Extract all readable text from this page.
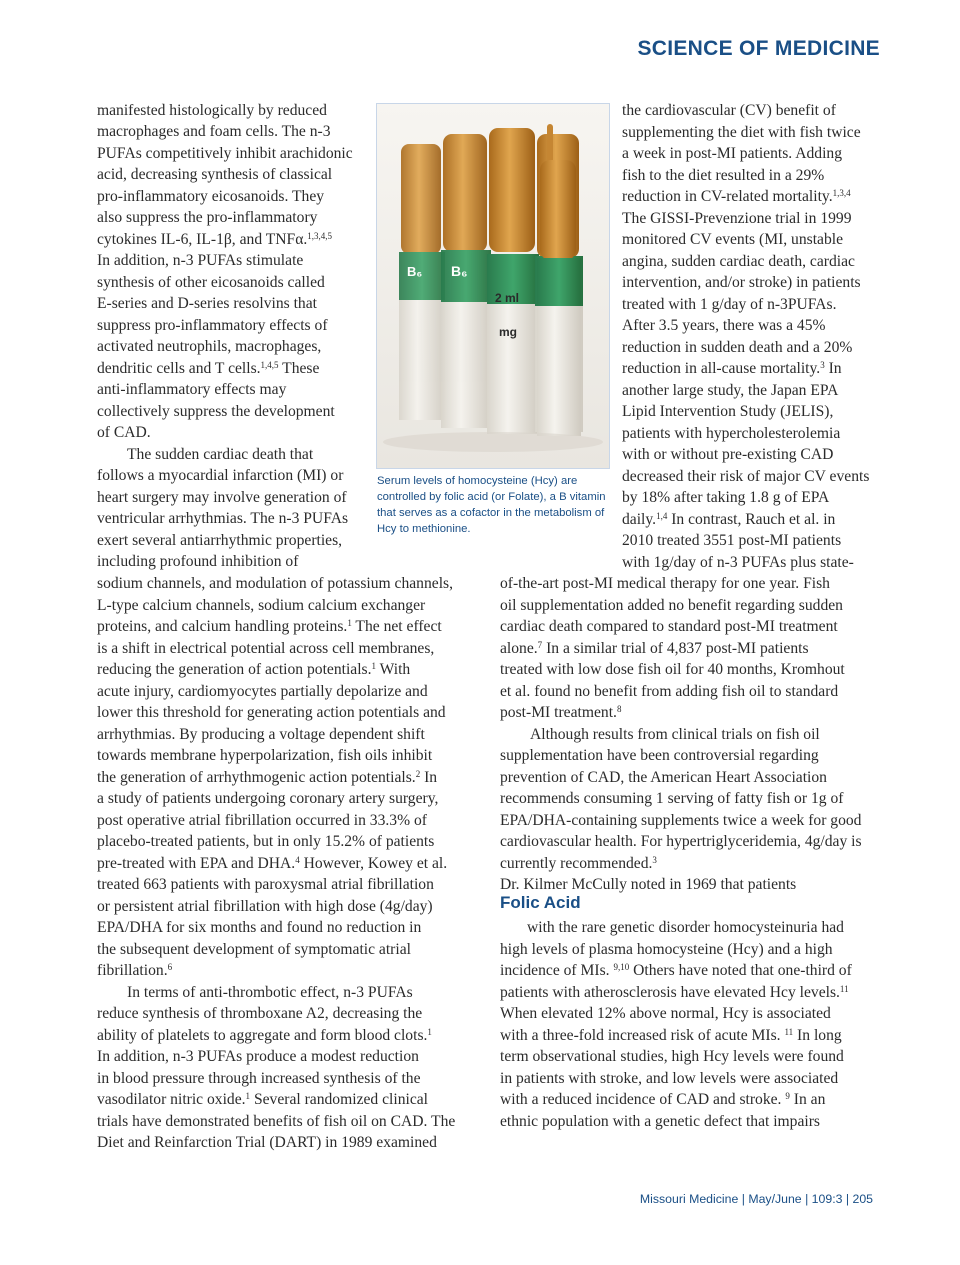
SCIENCE OF MEDICINE
B₆ B₆
2 ml
mg
Serum levels of homocysteine (Hcy) are controlled by folic acid (or Folate), a B vitamin that serves as a cofactor in the metabolism of Hcy to methionine.
Folic Acid
manifested histologically by reduced
macrophages and foam cells. The n-3
PUFAs competitively inhibit arachidonic
acid, decreasing synthesis of classical
pro-inflammatory eicosanoids. They
also suppress the pro-inflammatory
cytokines IL-6, IL-1β, and TNFα.$^{1,3,4,5}$
In addition, n-3 PUFAs stimulate
synthesis of other eicosanoids called
E-series and D-series resolvins that
suppress pro-inflammatory effects of
activated neutrophils, macrophages,
dendritic cells and T cells.$^{1,4,5}$ These
anti-inflammatory effects may
collectively suppress the development
of CAD.
The sudden cardiac death that
follows a myocardial infarction (MI) or
heart surgery may involve generation of
ventricular arrhythmias. The n-3 PUFAs
exert several antiarrhythmic properties,
including profound inhibition of
sodium channels, and modulation of potassium channels,
L-type calcium channels, sodium calcium exchanger
proteins, and calcium handling proteins.$^1$ The net effect
is a shift in electrical potential across cell membranes,
reducing the generation of action potentials.$^1$ With
acute injury, cardiomyocytes partially depolarize and
lower this threshold for generating action potentials and
arrhythmias. By producing a voltage dependent shift
towards membrane hyperpolarization, fish oils inhibit
the generation of arrhythmogenic action potentials.$^2$ In
a study of patients undergoing coronary artery surgery,
post operative atrial fibrillation occurred in 33.3% of
placebo-treated patients, but in only 15.2% of patients
pre-treated with EPA and DHA.$^4$ However, Kowey et al.
treated 663 patients with paroxysmal atrial fibrillation
or persistent atrial fibrillation with high dose (4g/day)
EPA/DHA for six months and found no reduction in
the subsequent development of symptomatic atrial
fibrillation.$^6$
In terms of anti-thrombotic effect, n-3 PUFAs
reduce synthesis of thromboxane A2, decreasing the
ability of platelets to aggregate and form blood clots.$^1$
In addition, n-3 PUFAs produce a modest reduction
in blood pressure through increased synthesis of the
vasodilator nitric oxide.$^1$ Several randomized clinical
trials have demonstrated benefits of fish oil on CAD. The
Diet and Reinfarction Trial (DART) in 1989 examined
the cardiovascular (CV) benefit of
supplementing the diet with fish twice
a week in post-MI patients. Adding
fish to the diet resulted in a 29%
reduction in CV-related mortality.$^{1,3,4}$
The GISSI-Prevenzione trial in 1999
monitored CV events (MI, unstable
angina, sudden cardiac death, cardiac
intervention, and/or stroke) in patients
treated with 1 g/day of n-3PUFAs.
After 3.5 years, there was a 45%
reduction in sudden death and a 20%
reduction in all-cause mortality.$^3$ In
another large study, the Japan EPA
Lipid Intervention Study (JELIS),
patients with hypercholesterolemia
with or without pre-existing CAD
decreased their risk of major CV events
by 18% after taking 1.8 g of EPA
daily.$^{1,4}$ In contrast, Rauch et al. in
2010 treated 3551 post-MI patients
with 1g/day of n-3 PUFAs plus state-
of-the-art post-MI medical therapy for one year. Fish
oil supplementation added no benefit regarding sudden
cardiac death compared to standard post-MI treatment
alone.$^7$ In a similar trial of 4,837 post-MI patients
treated with low dose fish oil for 40 months, Kromhout
et al. found no benefit from adding fish oil to standard
post-MI treatment.$^8$
Although results from clinical trials on fish oil
supplementation have been controversial regarding
prevention of CAD, the American Heart Association
recommends consuming 1 serving of fatty fish or 1g of
EPA/DHA-containing supplements twice a week for good
cardiovascular health. For hypertriglyceridemia, 4g/day is
currently recommended.$^3$
Dr. Kilmer McCully noted in 1969 that patients
with the rare genetic disorder homocysteinuria had
high levels of plasma homocysteine (Hcy) and a high
incidence of MIs. $^{9,10}$ Others have noted that one-third of
patients with atherosclerosis have elevated Hcy levels.$^{11}$
When elevated 12% above normal, Hcy is associated
with a three-fold increased risk of acute MIs. $^{11}$ In long
term observational studies, high Hcy levels were found
in patients with stroke, and low levels were associated
with a reduced incidence of CAD and stroke. $^9$ In an
ethnic population with a genetic defect that impairs
Missouri Medicine | May/June | 109:3 | 205
